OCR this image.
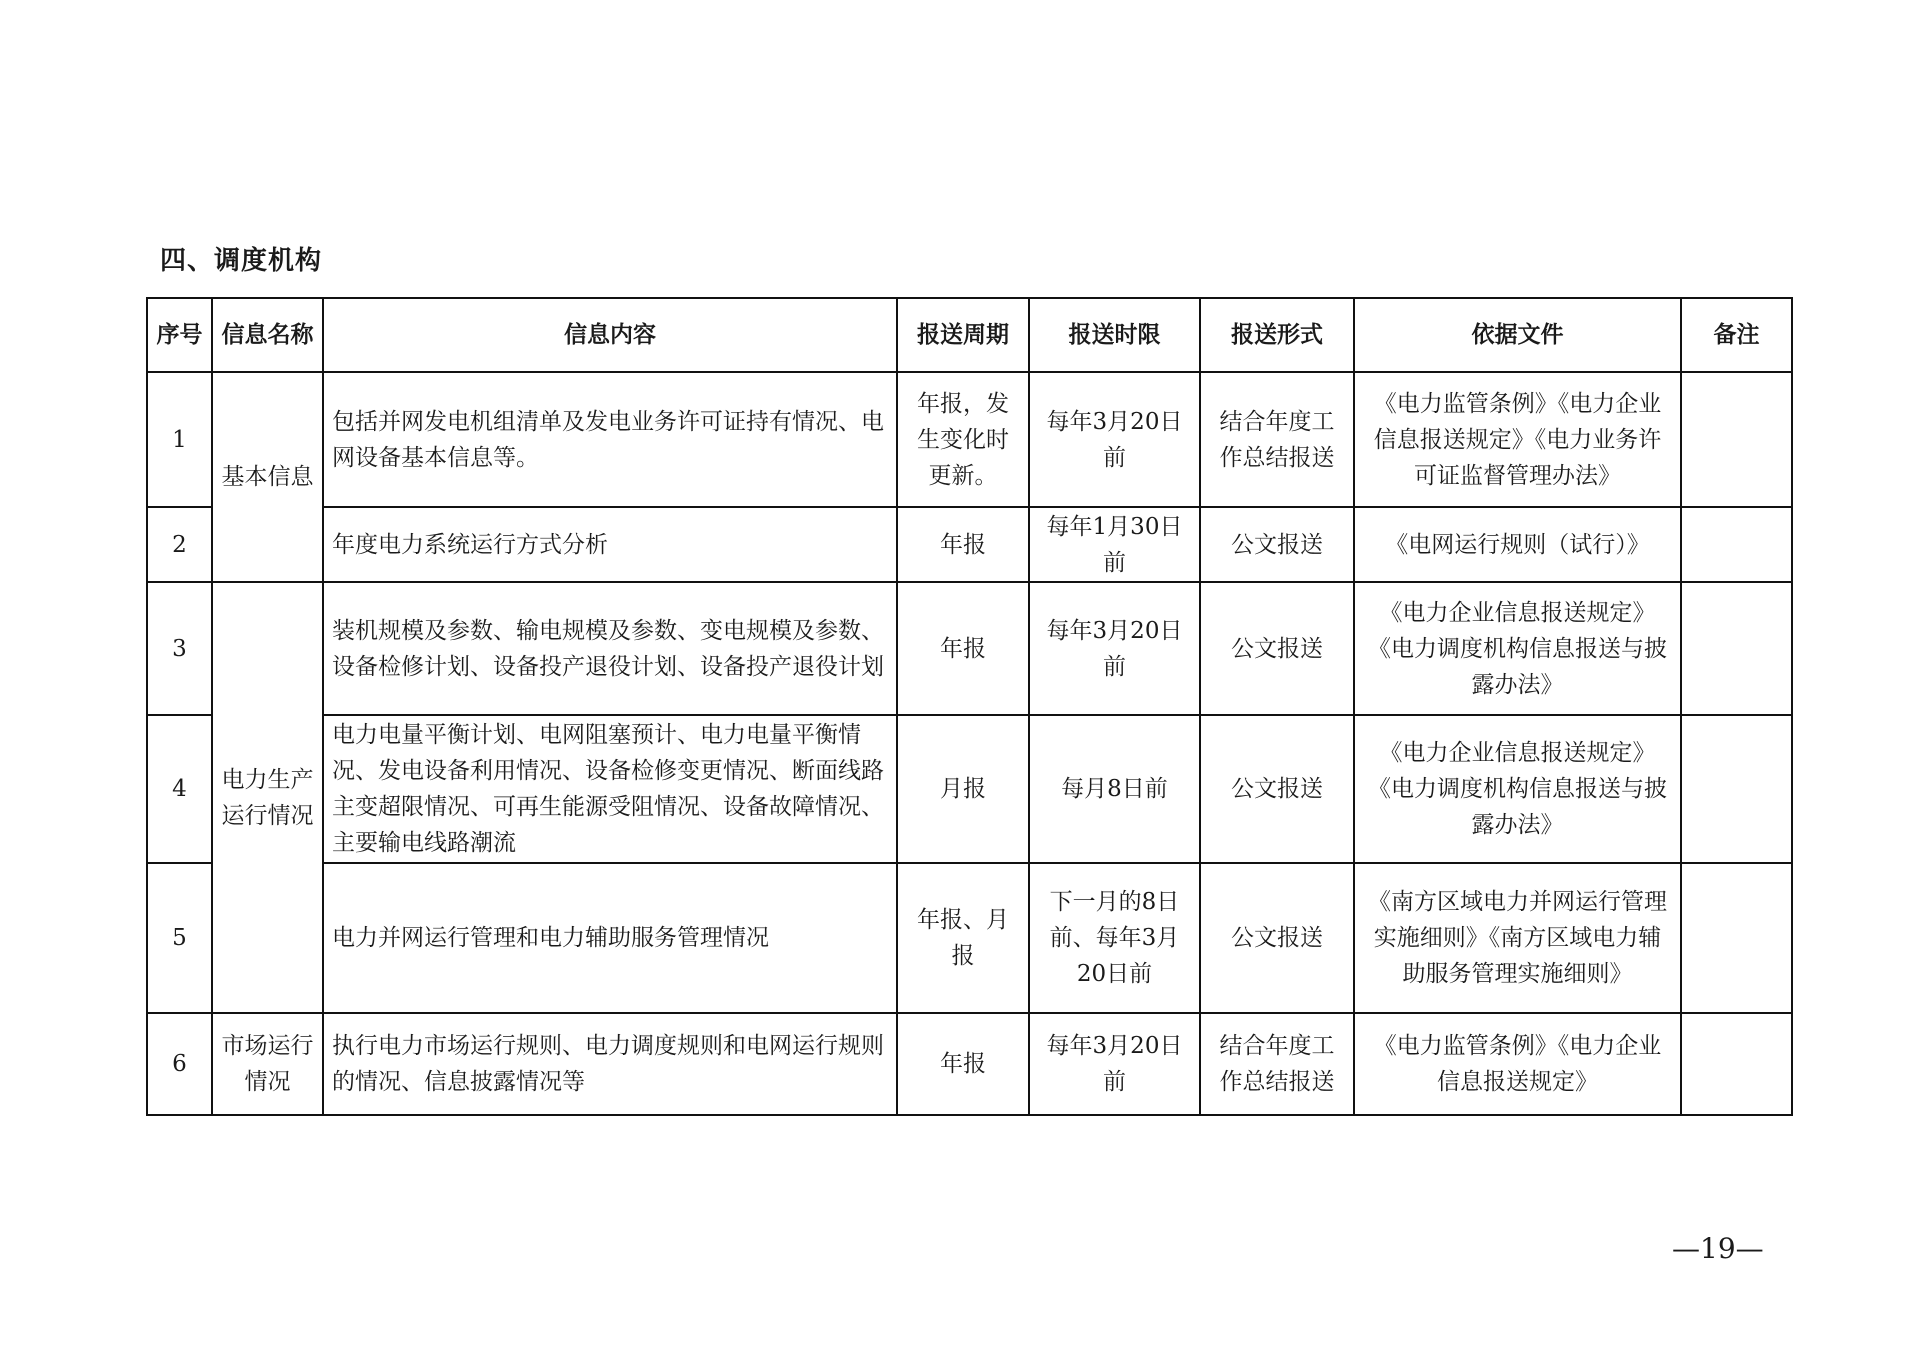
四、调度机构
序号	信息名称	信息内容	报送周期	报送时限	报送形式	依据文件	备注
1	基本信息	包括并网发电机组清单及发电业务许可证持有情况、电网设备基本信息等。	年报，发生变化时更新。	每年3月20日前	结合年度工作总结报送	《电力监管条例》《电力企业信息报送规定》《电力业务许可证监督管理办法》	
2		年度电力系统运行方式分析	年报	每年1月30日前	公文报送	《电网运行规则（试行）》	
3	电力生产运行情况	装机规模及参数、输电规模及参数、变电规模及参数、设备检修计划、设备投产退役计划、设备投产退役计划	年报	每年3月20日前	公文报送	《电力企业信息报送规定》《电力调度机构信息报送与披露办法》	
4		电力电量平衡计划、电网阻塞预计、电力电量平衡情况、发电设备利用情况、设备检修变更情况、断面线路主变超限情况、可再生能源受阻情况、设备故障情况、主要输电线路潮流	月报	每月8日前	公文报送	《电力企业信息报送规定》《电力调度机构信息报送与披露办法》	
5		电力并网运行管理和电力辅助服务管理情况	年报、月报	下一月的8日前、每年3月20日前	公文报送	《南方区域电力并网运行管理实施细则》《南方区域电力辅助服务管理实施细则》	
6	市场运行情况	执行电力市场运行规则、电力调度规则和电网运行规则的情况、信息披露情况等	年报	每年3月20日前	结合年度工作总结报送	《电力监管条例》《电力企业信息报送规定》	
—19—
